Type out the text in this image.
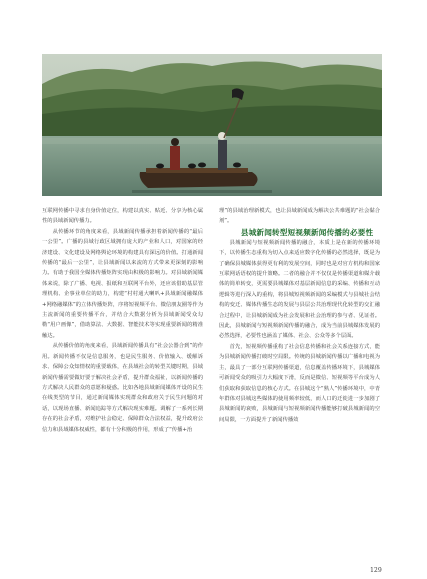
互联网传播中寻求自身价值定位，构建以真实、贴近、分享为核心属性的县域新闻传播力。

从传播环节的角度来看，县域新闻传播承担着新闻传播的“最后一公里”。广播的县域行政区域拥有庞大的产业和人口，对国家的经济建设、文化建设及网络舆论环境的构建具有深远的价值。打通新闻传播的“最后一公里”，让县域新闻以来流的方式带来更深刻的影响力。有助于我国全媒体传播矩阵实现由积极的影响力。对县域新闻媒体来说，除了广播、电视、报纸和互联网平台外，还应该借助基层管理机构、企事业单位的助力，构建“村村通大喇叭+县域新闻融媒体+网络融媒体”的立体传播矩阵，序将短视频平台、微信朋友圈等作为主流新闻的重要传播平台，并结合大数据分析为县域新闻受众勾勒“用户画像”，借助算法、大数据、智能技术等实现重要新闻的精准触达。

从传播价值的角度来看，县域新闻传播具有“社会公器合到”的作用。新闻传播不仅是信息服务，也是民生服务、价值输入、缓解诉求、保障公众知情权的重要载体，在县域社会的转型关键时期，县域新闻传播需要做好要于解决社会矛盾，提升群众福祉，以新闻传播的方式解决人民群众的意愿和疑惑。比如各地县域新闻媒体开设的民生在线类型的节目，通过新闻媒体实现群众和政府关于民生问题的对话，以现场直播、新闻追踪等方式解决现实难题。调解了一系列长期存在的社会矛盾，对维护社会稳定、保障群众合法权益，提升政府公信力和县域媒体权威性，都有十分积极的作用，形成了“传播+治

理”的县域治理新模式，也让县域新闻成为解决公共难题的“社会黏合剂”。

县城新闻转型短视频新闻传播的必要性

县城新闻与短视频新闻传播的融合，本质上是在新的传播环境下，以传播生态重构为切入点来适应数字化传播的必然选择，既是为了确保县城媒体获得更有利的发展空间，同时也是对官方机构和国家互联网话语权的提升策略。二者的融合并不仅仅是传播渠道和媒介载体的简单转变，更需要县城媒体对基层新闻信息的采编、传播和互动逻辑等进行深入的重构，将县城短视频新闻的采编模式与县城社会结构的变迁、媒体传播生态的发展与县层公共治理现代化转型的交汇融合过程中，让县城新闻成为社会发展和社会治理的参与者、见证者。因此，县城新闻与短视频新闻传播的融合，成为当前县城媒体发展的必然选择，必要性也涵盖了媒体、社会、公众等多个层面。

首先，短视频传播重构了社会信息传播和社会关系连接方式，能为县城新闻传播打破时空局限。传统的县城新闻传播以广播和电视为主，最具了一部分互联网传播渠道，信息覆盖传播环境下，县城媒体可新闻受众的吸引力大幅度下滑，反而是微信、短视频等平台成为人们获取和获取信息的核心方式。在县城这个“熟人”传播环境中，中青年群体对县城这些媒体的使用频率较低，而人口的迁徙进一步加剧了县城新闻的衰败，县城新闻与短视频新闻传播能够打破县城新闻的空间局限，一方面提升了新闻传播效

129
